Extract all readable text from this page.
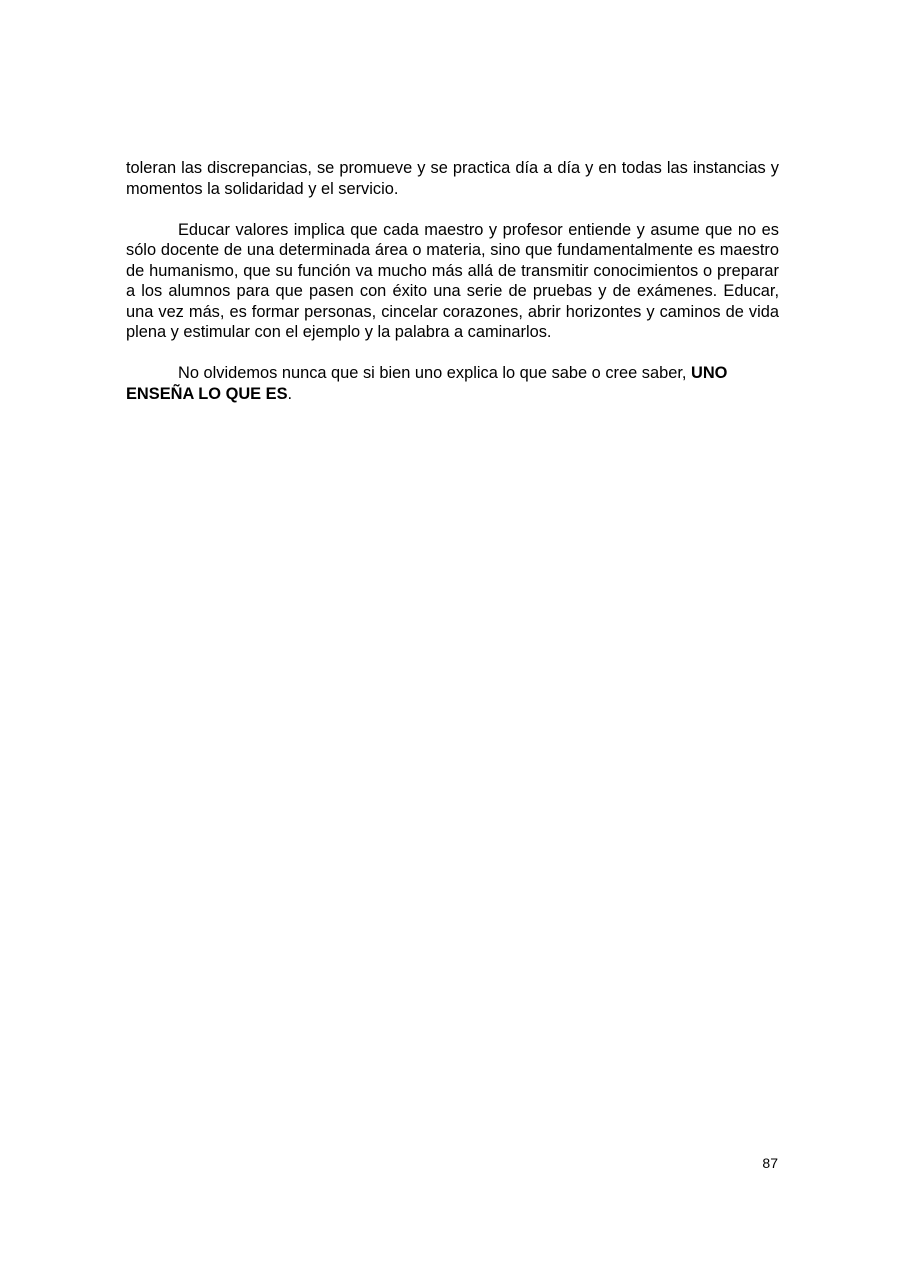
toleran las discrepancias, se promueve y se practica día a día y en todas las instancias y momentos la solidaridad y el servicio.

Educar valores implica que cada maestro y profesor entiende y asume que no es sólo docente de una determinada área o materia, sino que fundamentalmente es maestro de humanismo, que su función va mucho más allá de transmitir conocimientos o preparar a los alumnos para que pasen con éxito una serie de pruebas y de exámenes. Educar, una vez más, es formar personas, cincelar corazones, abrir horizontes y caminos de vida plena y estimular con el ejemplo y la palabra a caminarlos.

No olvidemos nunca que si bien uno explica lo que sabe o cree saber, UNO ENSEÑA LO QUE ES.

87
